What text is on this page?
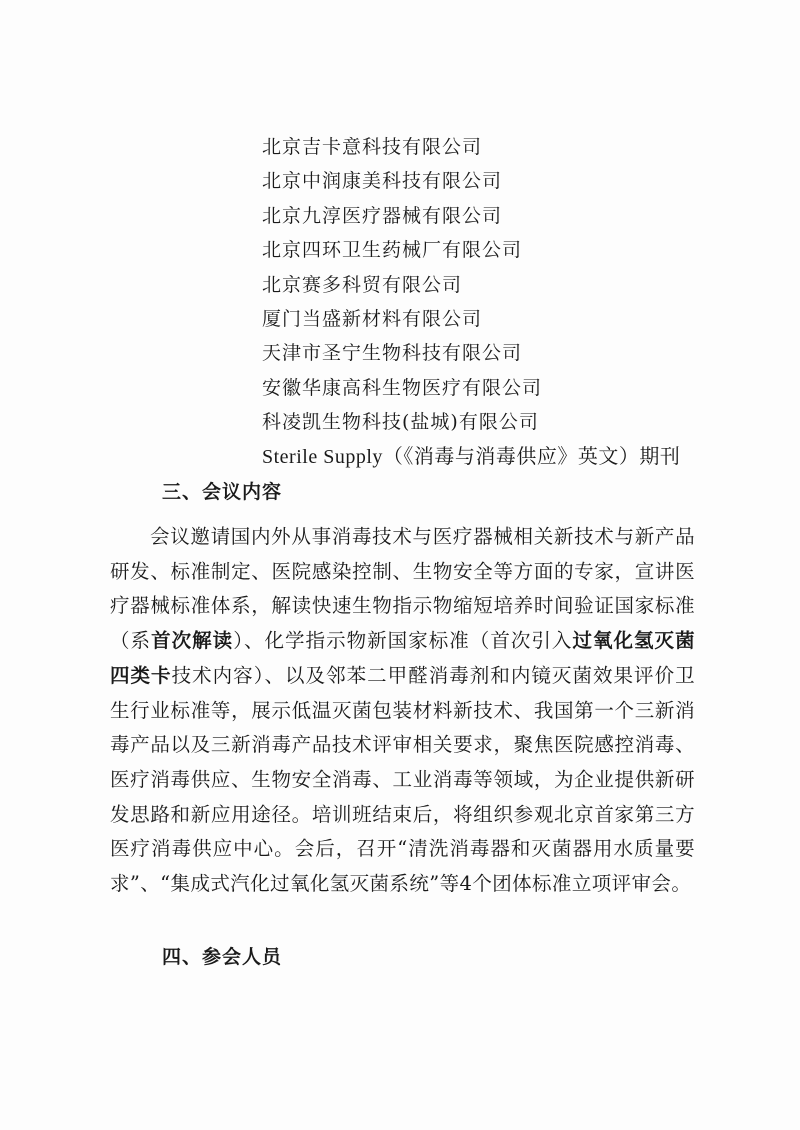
北京吉卡意科技有限公司
北京中润康美科技有限公司
北京九淳医疗器械有限公司
北京四环卫生药械厂有限公司
北京赛多科贸有限公司
厦门当盛新材料有限公司
天津市圣宁生物科技有限公司
安徽华康高科生物医疗有限公司
科凌凯生物科技(盐城)有限公司
Sterile Supply（《消毒与消毒供应》英文）期刊
三、会议内容

会议邀请国内外从事消毒技术与医疗器械相关新技术与新产品研发、标准制定、医院感染控制、生物安全等方面的专家，宣讲医疗器械标准体系，解读快速生物指示物缩短培养时间验证国家标准（系首次解读）、化学指示物新国家标准（首次引入过氧化氢灭菌四类卡技术内容）、以及邻苯二甲醛消毒剂和内镜灭菌效果评价卫生行业标准等，展示低温灭菌包装材料新技术、我国第一个三新消毒产品以及三新消毒产品技术评审相关要求，聚焦医院感控消毒、医疗消毒供应、生物安全消毒、工业消毒等领域，为企业提供新研发思路和新应用途径。培训班结束后，将组织参观北京首家第三方医疗消毒供应中心。会后，召开“清洗消毒器和灭菌器用水质量要求”、“集成式汽化过氧化氢灭菌系统”等4个团体标准立项评审会。

四、参会人员
